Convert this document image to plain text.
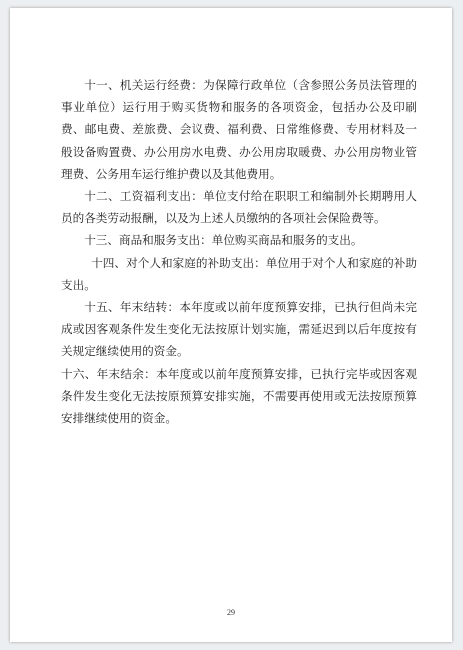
十一、机关运行经费：为保障行政单位（含参照公务员法管理的事业单位）运行用于购买货物和服务的各项资金，包括办公及印刷费、邮电费、差旅费、会议费、福利费、日常维修费、专用材料及一般设备购置费、办公用房水电费、办公用房取暖费、办公用房物业管理费、公务用车运行维护费以及其他费用。

十二、工资福利支出：单位支付给在职职工和编制外长期聘用人员的各类劳动报酬，以及为上述人员缴纳的各项社会保险费等。

十三、商品和服务支出：单位购买商品和服务的支出。

十四、对个人和家庭的补助支出：单位用于对个人和家庭的补助支出。

十五、年末结转：本年度或以前年度预算安排，已执行但尚未完成或因客观条件发生变化无法按原计划实施，需延迟到以后年度按有关规定继续使用的资金。

十六、年末结余：本年度或以前年度预算安排，已执行完毕或因客观条件发生变化无法按原预算安排实施，不需要再使用或无法按原预算安排继续使用的资金。

29
